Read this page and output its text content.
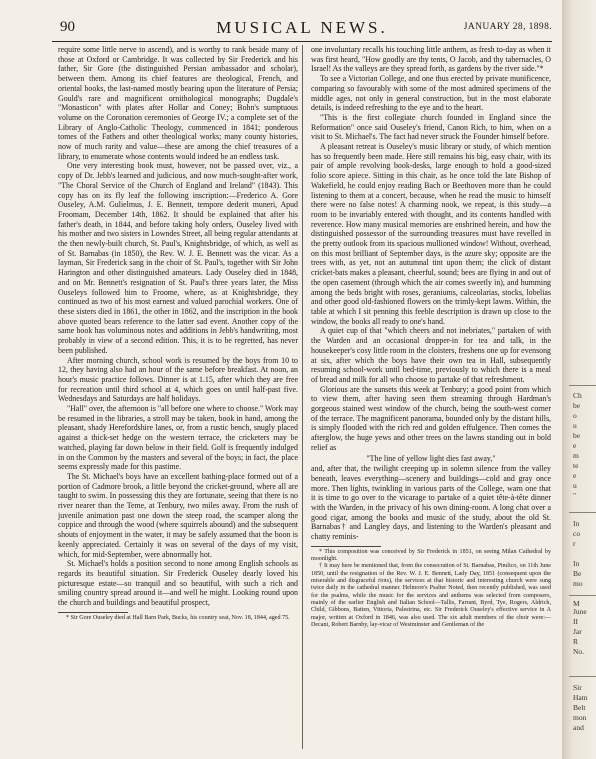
90	MUSICAL NEWS.	JANUARY 28, 1898.

require some little nerve to ascend), and is worthy to rank beside many of those at Oxford or Cambridge. It was collected by Sir Frederick and his father, Sir Gore (the distinguished Persian ambassador and scholar), between them. Among its chief features are theological, French, and oriental books, the last-named mostly bearing upon the literature of Persia; Gould's rare and magnificent ornithological monographs; Dugdale's "Monasticon" with plates after Hollar and Coney; Bohn's sumptuous volume on the Coronation ceremonies of George IV.; a complete set of the Library of Anglo-Catholic Theology, commenced in 1841; ponderous tomes of the Fathers and other theological works; many county histories, now of much rarity and value—these are among the chief treasures of a library, to enumerate whose contents would indeed be an endless task.

One very interesting book must, however, not be passed over, viz., a copy of Dr. Jebb's learned and judicious, and now much-sought-after work, "The Choral Service of the Church of England and Ireland" (1843). This copy has on its fly leaf the following inscription:—Frederico A. Gore Ouseley, A.M. Gulielmus, J. E. Bennett, tempore dederit muneri, Apud Froomam, December 14th, 1862. It should be explained that after his father's death, in 1844, and before taking holy orders, Ouseley lived with his mother and two sisters in Lowndes Street, all being regular attendants at the then newly-built church, St. Paul's, Knightsbridge, of which, as well as of St. Barnabas (in 1850), the Rev. W. J. E. Bennett was the vicar. As a layman, Sir Frederick sang in the choir of St. Paul's, together with Sir John Harington and other distinguished amateurs. Lady Ouseley died in 1848, and on Mr. Bennett's resignation of St. Paul's three years later, the Miss Ouseleys followed him to Froome, where, as at Knightsbridge, they continued as two of his most earnest and valued parochial workers. One of these sisters died in 1861, the other in 1862, and the inscription in the book above quoted bears reference to the latter sad event. Another copy of the same book has voluminous notes and additions in Jebb's handwriting, most probably in view of a second edition. This, it is to be regretted, has never been published.

After morning church, school work is resumed by the boys from 10 to 12, they having also had an hour of the same before breakfast. At noon, an hour's music practice follows. Dinner is at 1.15, after which they are free for recreation until third school at 4, which goes on until half-past five. Wednesdays and Saturdays are half holidays.

"Hall" over, the afternoon is "all before one where to choose." Work may be resumed in the libraries, a stroll may be taken, book in hand, among the pleasant, shady Herefordshire lanes, or, from a rustic bench, snugly placed against a thick-set hedge on the western terrace, the cricketers may be watched, playing far down below in their field. Golf is frequently indulged in on the Common by the masters and several of the boys; in fact, the place seems expressly made for this pastime.

The St. Michael's boys have an excellent bathing-place formed out of a portion of Cadmore brook, a little beyond the cricket-ground, where all are taught to swim. In possessing this they are fortunate, seeing that there is no river nearer than the Teme, at Tenbury, two miles away. From the rush of juvenile animation past one down the steep road, the scamper along the coppice and through the wood (where squirrels abound) and the subsequent shouts of enjoyment in the water, it may be safely assumed that the boon is keenly appreciated. Certainly it was on several of the days of my visit, which, for mid-September, were abnormally hot.

St. Michael's holds a position second to none among English schools as regards its beautiful situation. Sir Frederick Ouseley dearly loved his picturesque estate—so tranquil and so beautiful, with such a rich and smiling country spread around it—and well he might. Looking round upon the church and buildings and beautiful prospect,

* Sir Gore Ouseley died at Hall Barn Park, Bucks, his country seat, Nov. 18, 1844, aged 75.

one involuntary recalls his touching little anthem, as fresh to-day as when it was first heard, "How goodly are thy tents, O Jacob, and thy tabernacles, O Israel! As the valleys are they spread forth, as gardens by the river side."*

To see a Victorian College, and one thus erected by private munificence, comparing so favourably with some of the most admired specimens of the middle ages, not only in general construction, but in the most elaborate details, is indeed refreshing to the eye and to the heart.

"This is the first collegiate church founded in England since the Reformation" once said Ouseley's friend, Canon Rich, to him, when on a visit to St. Michael's. The fact had never struck the Founder himself before.

A pleasant retreat is Ouseley's music library or study, of which mention has so frequently been made. Here still remains his big, easy chair, with its pair of ample revolving book-desks, large enough to hold a good-sized folio score apiece. Sitting in this chair, as he once told the late Bishop of Wakefield, he could enjoy reading Bach or Beethoven more than he could listening to them at a concert, because, when he read the music to himself there were no false notes! A charming nook, we repeat, is this study—a room to be invariably entered with thought, and its contents handled with reverence. How many musical memories are enshrined herein, and how the distinguished possessor of the surrounding treasures must have revelled in the pretty outlook from its spacious mullioned window! Without, overhead, on this most brilliant of September days, is the azure sky; opposite are the trees with, as yet, not an autumnal tint upon them; the click of distant cricket-bats makes a pleasant, cheerful, sound; bees are flying in and out of the open casement (through which the air comes sweetly in), and humming among the beds bright with roses, geraniums, calceolarias, stocks, lobelias and other good old-fashioned flowers on the trimly-kept lawns. Within, the table at which I sit penning this feeble description is drawn up close to the window, the books all ready to one's hand.

A quiet cup of that "which cheers and not inebriates," partaken of with the Warden and an occasional dropper-in for tea and talk, in the housekeeper's cosy little room in the cloisters, freshens one up for evensong at six, after which the boys have their own tea in Hall, subsequently resuming school-work until bed-time, previously to which there is a meal of bread and milk for all who choose to partake of that refreshment.

Glorious are the sunsets this week at Tenbury; a good point from which to view them, after having seen them streaming through Hardman's gorgeous stained west window of the church, being the south-west corner of the terrace. The magnificent panorama, bounded only by the distant hills, is simply flooded with the rich red and golden effulgence. Then comes the afterglow, the huge yews and other trees on the lawns standing out in bold relief as

"The line of yellow light dies fast away,"

and, after that, the twilight creeping up in solemn silence from the valley beneath, leaves everything—scenery and buildings—cold and gray once more. Then lights, twinkling in various parts of the College, warn one that it is time to go over to the vicarage to partake of a quiet tête-à-tête dinner with the Warden, in the privacy of his own dining-room. A long chat over a good cigar, among the books and music of the study, about the old St. Barnabas† and Langley days, and listening to the Warden's pleasant and chatty reminis-

* This composition was conceived by Sir Frederick in 1851, on seeing Milan Cathedral by moonlight.

† It may here be mentioned that, from the consecration of St. Barnabas, Pimlico, on 11th June 1850, until the resignation of the Rev. W. J. E. Bennett, Lady Day, 1851 (consequent upon the miserable and disgraceful riots), the services at that historic and interesting church were sung twice daily in the cathedral manner. Helmore's Psalter Noted, then recently published, was used for the psalms, while the music for the services and anthems was selected from composers, mainly of the earlier English and Italian School—Tallis, Farrant, Byrd, Tye, Rogers, Aldrich, Child, Gibbons, Batten, Vittoria, Palestrina, etc. Sir Frederick Ouseley's effective service in A major, written at Oxford in 1846, was also used. The six adult members of the choir were:—Decani, Robert Barnby, lay-vicar of Westminster and Gentleman of the

Ch
be
o
u
be
e
m
te
e
u
"
In
co
r
In
Be
mo
M
June
II
Jar
R
No.
Sir
Ham
Belt
mon
and
